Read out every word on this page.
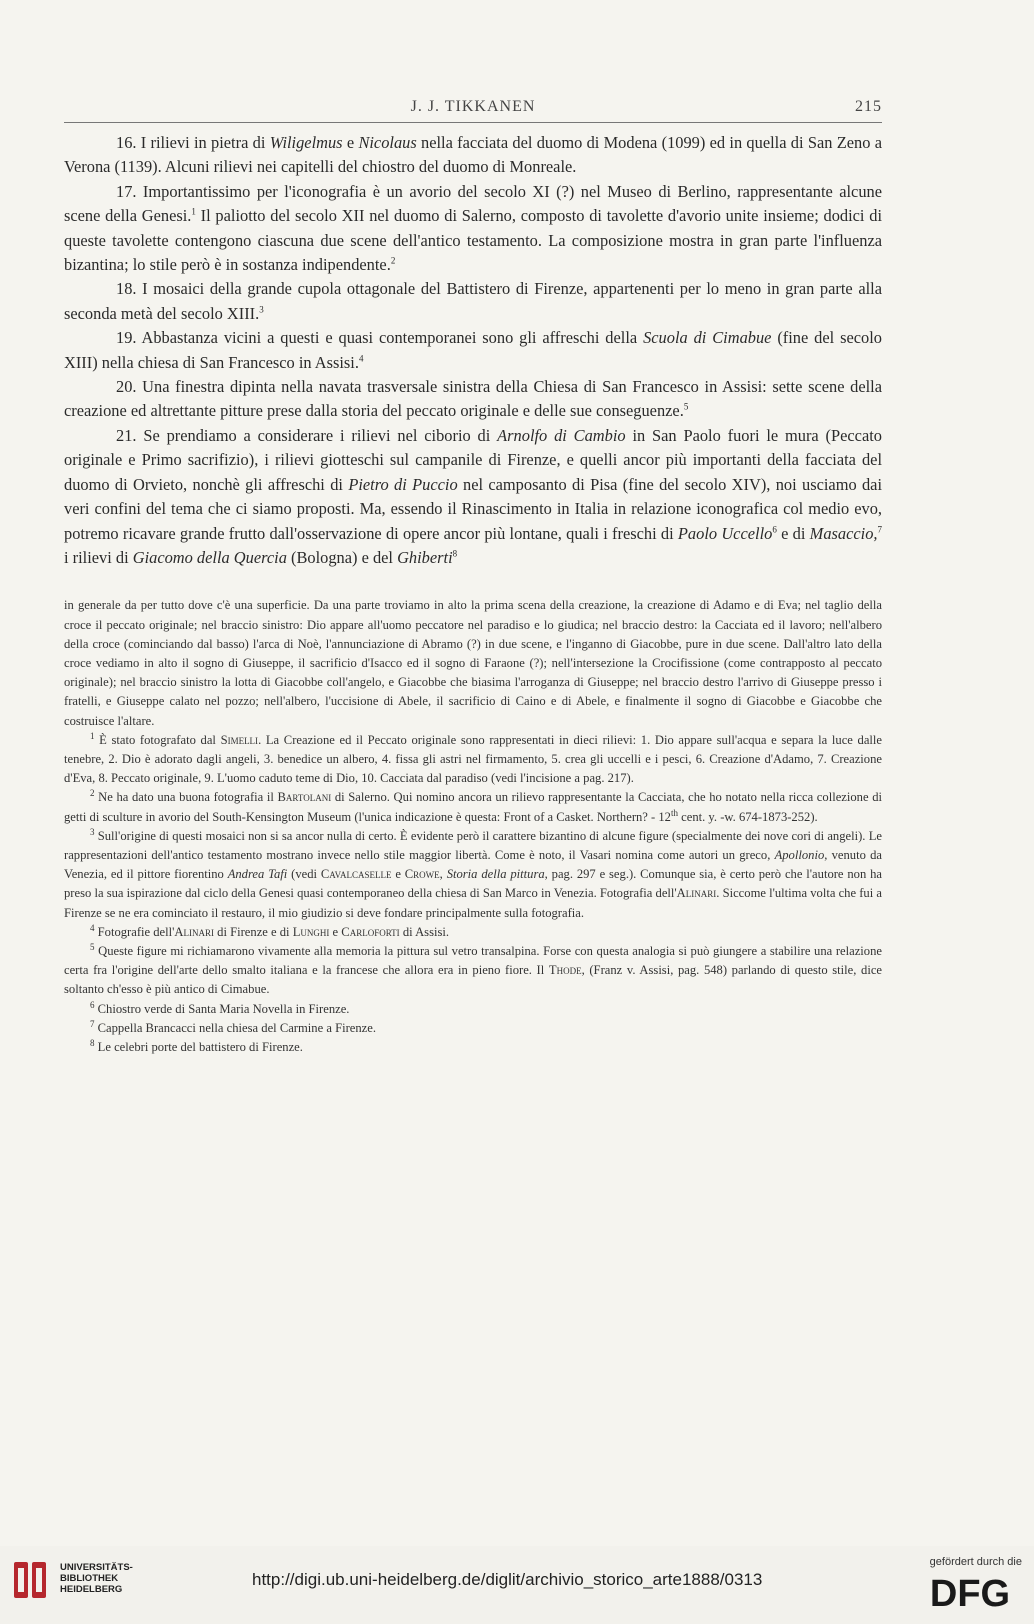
J. J. TIKKANEN	215

16. I rilievi in pietra di Wiligelmus e Nicolaus nella facciata del duomo di Modena (1099) ed in quella di San Zeno a Verona (1139). Alcuni rilievi nei capitelli del chiostro del duomo di Monreale.

17. Importantissimo per l'iconografia è un avorio del secolo XI (?) nel Museo di Berlino, rappresentante alcune scene della Genesi.$^1$ Il paliotto del secolo XII nel duomo di Salerno, composto di tavolette d'avorio unite insieme; dodici di queste tavolette contengono ciascuna due scene dell'antico testamento. La composizione mostra in gran parte l'influenza bizantina; lo stile però è in sostanza indipendente.$^2$

18. I mosaici della grande cupola ottagonale del Battistero di Firenze, appartenenti per lo meno in gran parte alla seconda metà del secolo XIII.$^3$

19. Abbastanza vicini a questi e quasi contemporanei sono gli affreschi della Scuola di Cimabue (fine del secolo XIII) nella chiesa di San Francesco in Assisi.$^4$

20. Una finestra dipinta nella navata trasversale sinistra della Chiesa di San Francesco in Assisi: sette scene della creazione ed altrettante pitture prese dalla storia del peccato originale e delle sue conseguenze.$^5$

21. Se prendiamo a considerare i rilievi nel ciborio di Arnolfo di Cambio in San Paolo fuori le mura (Peccato originale e Primo sacrifizio), i rilievi giotteschi sul campanile di Firenze, e quelli ancor più importanti della facciata del duomo di Orvieto, nonchè gli affreschi di Pietro di Puccio nel camposanto di Pisa (fine del secolo XIV), noi usciamo dai veri confini del tema che ci siamo proposti. Ma, essendo il Rinascimento in Italia in relazione iconografica col medio evo, potremo ricavare grande frutto dall'osservazione di opere ancor più lontane, quali i freschi di Paolo Uccello$^6$ e di Masaccio,$^7$ i rilievi di Giacomo della Quercia (Bologna) e del Ghiberti$^8$

in generale da per tutto dove c'è una superficie. Da una parte troviamo in alto la prima scena della creazione, la creazione di Adamo e di Eva; nel taglio della croce il peccato originale; nel braccio sinistro: Dio appare all'uomo peccatore nel paradiso e lo giudica; nel braccio destro: la Cacciata ed il lavoro; nell'albero della croce (cominciando dal basso) l'arca di Noè, l'annunciazione di Abramo (?) in due scene, e l'inganno di Giacobbe, pure in due scene. Dall'altro lato della croce vediamo in alto il sogno di Giuseppe, il sacrificio d'Isacco ed il sogno di Faraone (?); nell'intersezione la Crocifissione (come contrapposto al peccato originale); nel braccio sinistro la lotta di Giacobbe coll'angelo, e Giacobbe che biasima l'arroganza di Giuseppe; nel braccio destro l'arrivo di Giuseppe presso i fratelli, e Giuseppe calato nel pozzo; nell'albero, l'uccisione di Abele, il sacrificio di Caino e di Abele, e finalmente il sogno di Giacobbe e Giacobbe che costruisce l'altare.

$^1$ È stato fotografato dal Simelli. La Creazione ed il Peccato originale sono rappresentati in dieci rilievi: 1. Dio appare sull'acqua e separa la luce dalle tenebre, 2. Dio è adorato dagli angeli, 3. benedice un albero, 4. fissa gli astri nel firmamento, 5. crea gli uccelli e i pesci, 6. Creazione d'Adamo, 7. Creazione d'Eva, 8. Peccato originale, 9. L'uomo caduto teme di Dio, 10. Cacciata dal paradiso (vedi l'incisione a pag. 217).

$^2$ Ne ha dato una buona fotografia il Bartolani di Salerno. Qui nomino ancora un rilievo rappresentante la Cacciata, che ho notato nella ricca collezione di getti di sculture in avorio del South-Kensington Museum (l'unica indicazione è questa: Front of a Casket. Northern? - 12th cent. y. -w. 674-1873-252).

$^3$ Sull'origine di questi mosaici non si sa ancor nulla di certo. È evidente però il carattere bizantino di alcune figure (specialmente dei nove cori di angeli). Le rappresentazioni dell'antico testamento mostrano invece nello stile maggior libertà. Come è noto, il Vasari nomina come autori un greco, Apollonio, venuto da Venezia, ed il pittore fiorentino Andrea Tafi (vedi Cavalcaselle e Crowe, Storia della pittura, pag. 297 e seg.). Comunque sia, è certo però che l'autore non ha preso la sua ispirazione dal ciclo della Genesi quasi contemporaneo della chiesa di San Marco in Venezia. Fotografia dell'Alinari. Siccome l'ultima volta che fui a Firenze se ne era cominciato il restauro, il mio giudizio si deve fondare principalmente sulla fotografia.

$^4$ Fotografie dell'Alinari di Firenze e di Lunghi e Carloforti di Assisi.

$^5$ Queste figure mi richiamarono vivamente alla memoria la pittura sul vetro transalpina. Forse con questa analogia si può giungere a stabilire una relazione certa fra l'origine dell'arte dello smalto italiana e la francese che allora era in pieno fiore. Il Thode, (Franz v. Assisi, pag. 548) parlando di questo stile, dice soltanto ch'esso è più antico di Cimabue.

$^6$ Chiostro verde di Santa Maria Novella in Firenze.

$^7$ Cappella Brancacci nella chiesa del Carmine a Firenze.

$^8$ Le celebri porte del battistero di Firenze.

UNIVERSITÄTS-
BIBLIOTHEK
HEIDELBERG
http://digi.ub.uni-heidelberg.de/diglit/archivio_storico_arte1888/0313
gefördert durch die
DFG
